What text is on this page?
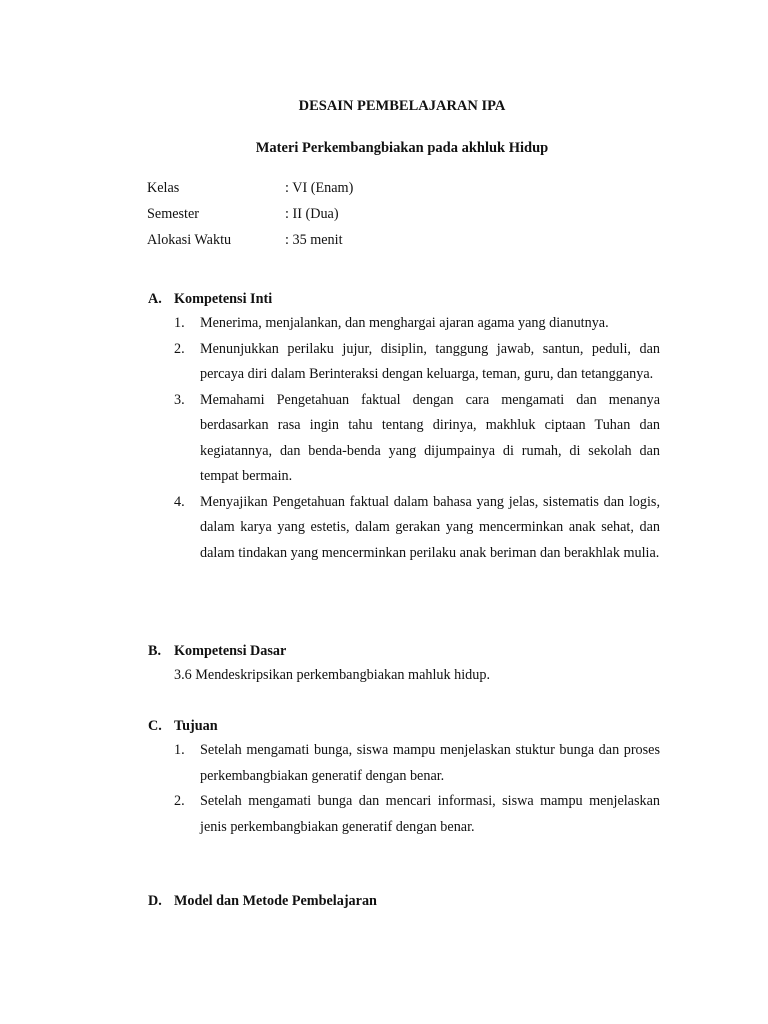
DESAIN PEMBELAJARAN IPA
Materi Perkembangbiakan pada akhluk Hidup
Kelas	: VI (Enam)
Semester	: II (Dua)
Alokasi Waktu	: 35 menit
A. Kompetensi Inti
1.	Menerima, menjalankan, dan menghargai ajaran agama yang dianutnya.
2.	Menunjukkan perilaku jujur, disiplin, tanggung jawab, santun, peduli, dan percaya diri dalam Berinteraksi dengan keluarga, teman, guru, dan tetangganya.
3.	Memahami Pengetahuan faktual dengan cara mengamati dan menanya berdasarkan rasa ingin tahu tentang dirinya, makhluk ciptaan Tuhan dan kegiatannya, dan benda-benda yang dijumpainya di rumah, di sekolah dan tempat bermain.
4.	Menyajikan Pengetahuan faktual dalam bahasa yang jelas, sistematis dan logis, dalam karya yang estetis, dalam gerakan yang mencerminkan anak sehat, dan dalam tindakan yang mencerminkan perilaku anak beriman dan berakhlak mulia.
B. Kompetensi Dasar
3.6 Mendeskripsikan perkembangbiakan mahluk hidup.
C. Tujuan
1.	Setelah mengamati bunga, siswa mampu menjelaskan stuktur bunga dan proses perkembangbiakan generatif dengan benar.
2.	Setelah mengamati bunga dan mencari informasi, siswa mampu menjelaskan jenis perkembangbiakan generatif dengan benar.
D. Model dan Metode Pembelajaran
